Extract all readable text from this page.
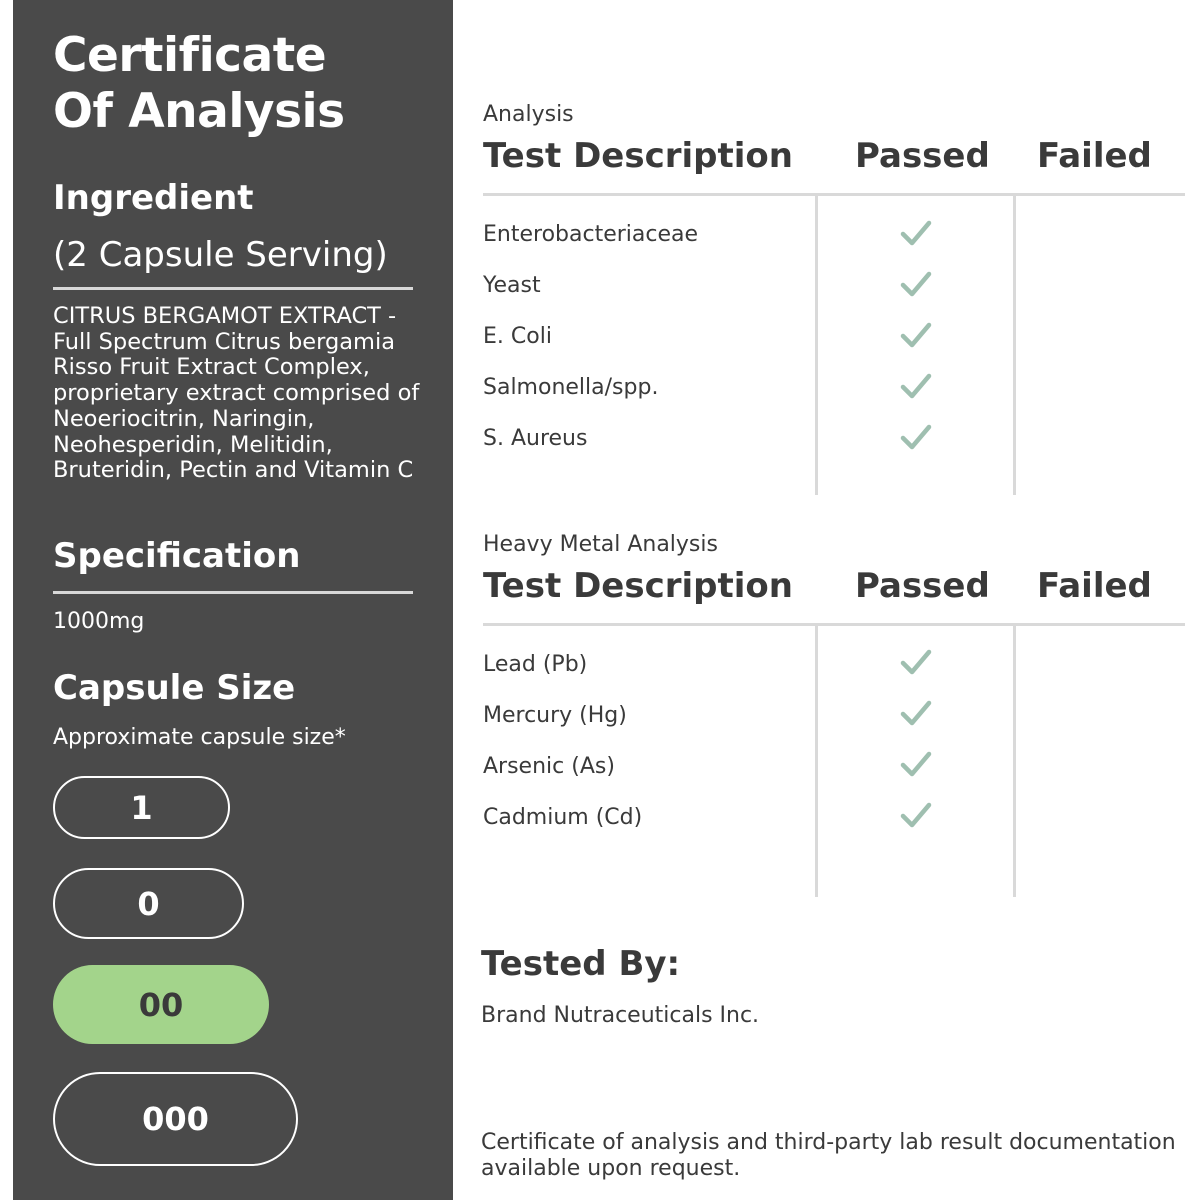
Certificate
Of Analysis
Ingredient
(2 Capsule Serving)
CITRUS BERGAMOT EXTRACT - Full Spectrum Citrus bergamia Risso Fruit Extract Complex, proprietary extract comprised of Neoeriocitrin, Naringin, Neohesperidin, Melitidin, Bruteridin, Pectin and Vitamin C
Specification
1000mg
Capsule Size
Approximate capsule size*
1
0
00
000
Analysis
Test Description Passed Failed
Enterobacteriaceae
Yeast
E. Coli
Salmonella/spp.
S. Aureus
Heavy Metal Analysis
Test Description Passed Failed
Lead (Pb)
Mercury (Hg)
Arsenic (As)
Cadmium (Cd)
Tested By:
Brand Nutraceuticals Inc.
Certificate of analysis and third-party lab result documentation available upon request.
